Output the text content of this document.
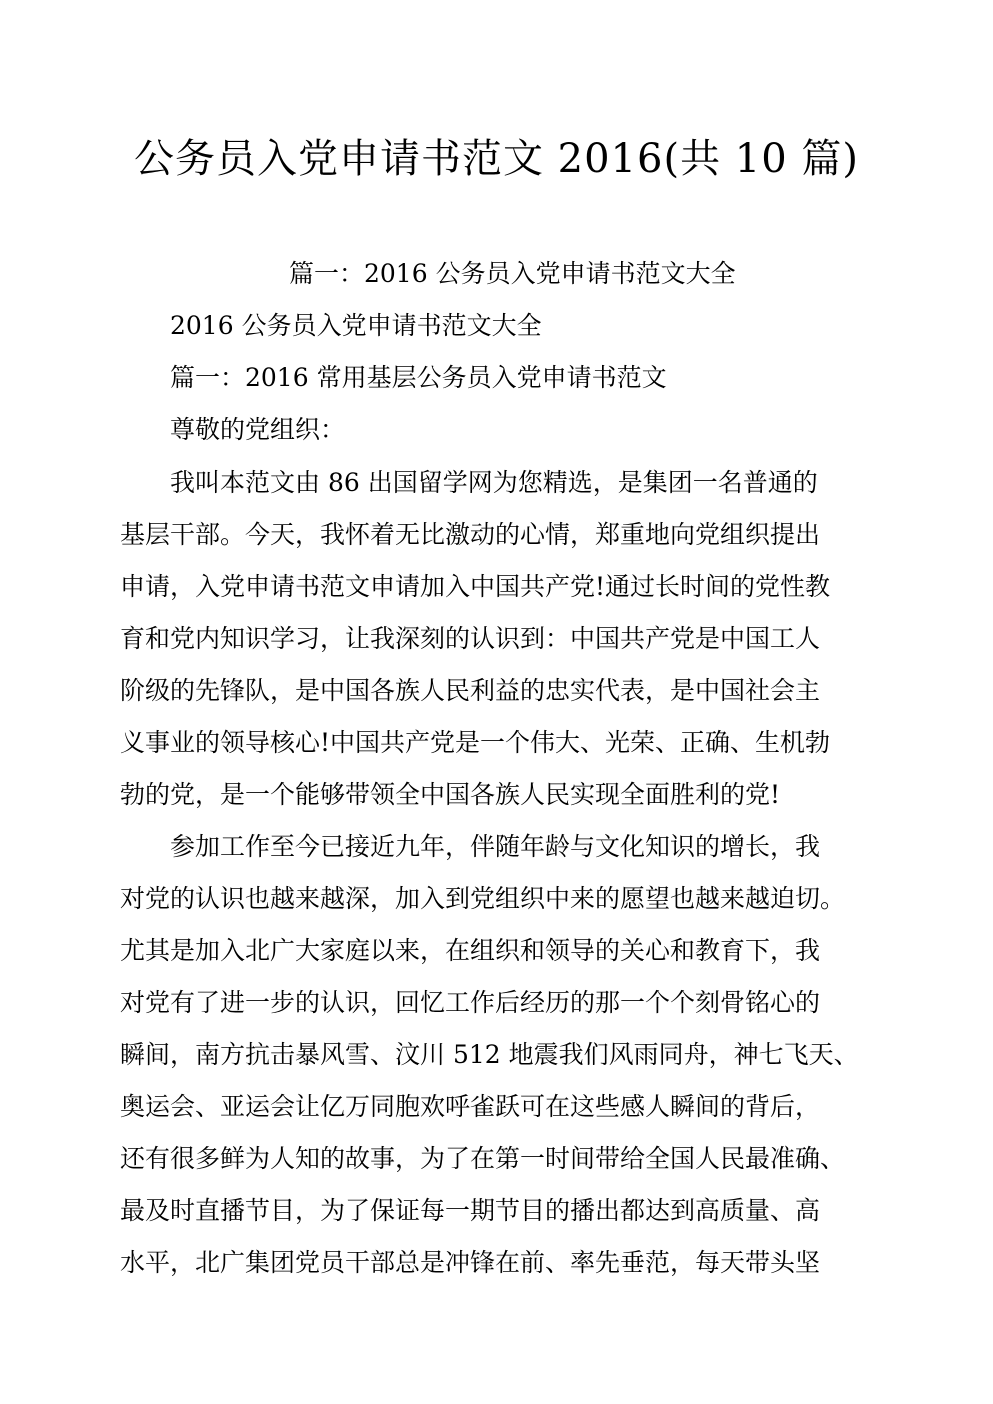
公务员入党申请书范文 2016(共 10 篇)

篇一：2016 公务员入党申请书范文大全

2016 公务员入党申请书范文大全

篇一：2016 常用基层公务员入党申请书范文

尊敬的党组织：

我叫本范文由 86 出国留学网为您精选，是集团一名普通的

基层干部。今天，我怀着无比激动的心情，郑重地向党组织提出

申请，入党申请书范文申请加入中国共产党!通过长时间的党性教

育和党内知识学习，让我深刻的认识到：中国共产党是中国工人

阶级的先锋队，是中国各族人民利益的忠实代表，是中国社会主

义事业的领导核心!中国共产党是一个伟大、光荣、正确、生机勃

勃的党，是一个能够带领全中国各族人民实现全面胜利的党!

参加工作至今已接近九年，伴随年龄与文化知识的增长，我

对党的认识也越来越深，加入到党组织中来的愿望也越来越迫切。

尤其是加入北广大家庭以来，在组织和领导的关心和教育下，我

对党有了进一步的认识，回忆工作后经历的那一个个刻骨铭心的

瞬间，南方抗击暴风雪、汶川 512 地震我们风雨同舟，神七飞天、

奥运会、亚运会让亿万同胞欢呼雀跃可在这些感人瞬间的背后，

还有很多鲜为人知的故事，为了在第一时间带给全国人民最准确、

最及时直播节目，为了保证每一期节目的播出都达到高质量、高

水平，北广集团党员干部总是冲锋在前、率先垂范，每天带头坚
